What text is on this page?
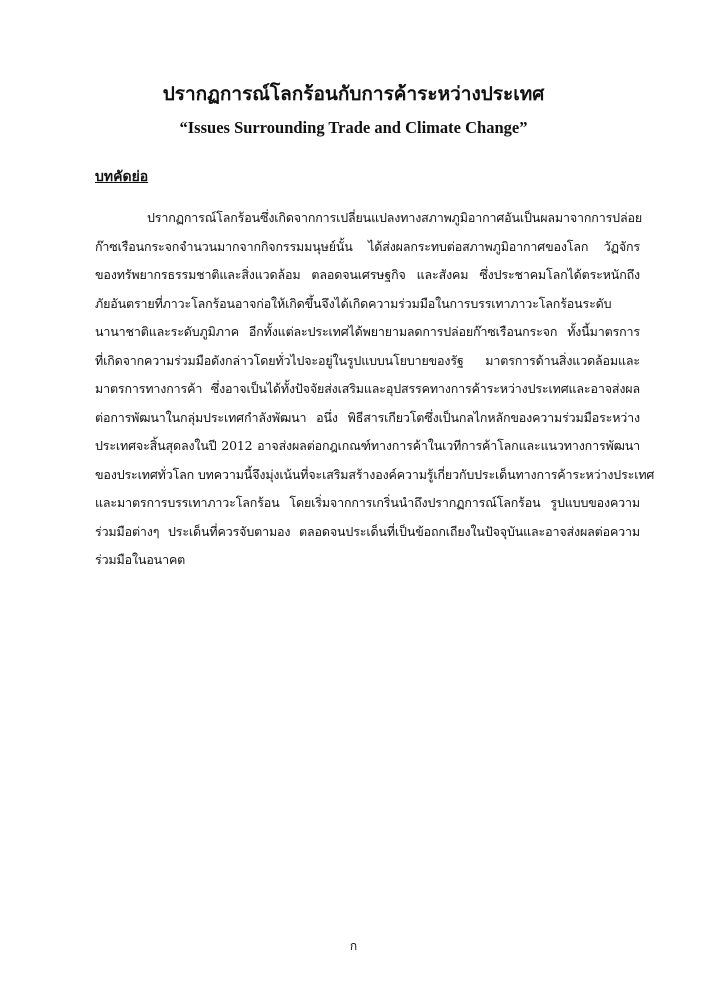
ปรากฏการณ์โลกร้อนกับการค้าระหว่างประเทศ
“Issues Surrounding Trade and Climate Change”
บทคัดย่อ
ปรากฏการณ์โลกร้อนซึ่งเกิดจากการเปลี่ยนแปลงทางสภาพภูมิอากาศอันเป็นผลมาจากการปล่อย
ก๊าซเรือนกระจกจำนวนมากจากกิจกรรมมนุษย์นั้น ได้ส่งผลกระทบต่อสภาพภูมิอากาศของโลก วัฏจักร
ของทรัพยากรธรรมชาติและสิ่งแวดล้อม ตลอดจนเศรษฐกิจ และสังคม ซึ่งประชาคมโลกได้ตระหนักถึง
ภัยอันตรายที่ภาวะโลกร้อนอาจก่อให้เกิดขึ้นจึงได้เกิดความร่วมมือในการบรรเทาภาวะโลกร้อนระดับ
นานาชาติและระดับภูมิภาค อีกทั้งแต่ละประเทศได้พยายามลดการปล่อยก๊าซเรือนกระจก ทั้งนี้มาตรการ
ที่เกิดจากความร่วมมือดังกล่าวโดยทั่วไปจะอยู่ในรูปแบบนโยบายของรัฐ มาตรการด้านสิ่งแวดล้อมและ
มาตรการทางการค้า ซึ่งอาจเป็นได้ทั้งปัจจัยส่งเสริมและอุปสรรคทางการค้าระหว่างประเทศและอาจส่งผล
ต่อการพัฒนาในกลุ่มประเทศกำลังพัฒนา อนึ่ง พิธีสารเกียวโตซึ่งเป็นกลไกหลักของความร่วมมือระหว่าง
ประเทศจะสิ้นสุดลงในปี 2012 อาจส่งผลต่อกฎเกณฑ์ทางการค้าในเวทีการค้าโลกและแนวทางการพัฒนา
ของประเทศทั่วโลก บทความนี้จึงมุ่งเน้นที่จะเสริมสร้างองค์ความรู้เกี่ยวกับประเด็นทางการค้าระหว่างประเทศ
และมาตรการบรรเทาภาวะโลกร้อน โดยเริ่มจากการเกริ่นนำถึงปรากฏการณ์โลกร้อน รูปแบบของความ
ร่วมมือต่างๆ ประเด็นที่ควรจับตามอง ตลอดจนประเด็นที่เป็นข้อถกเถียงในปัจจุบันและอาจส่งผลต่อความ
ร่วมมือในอนาคต
ก
